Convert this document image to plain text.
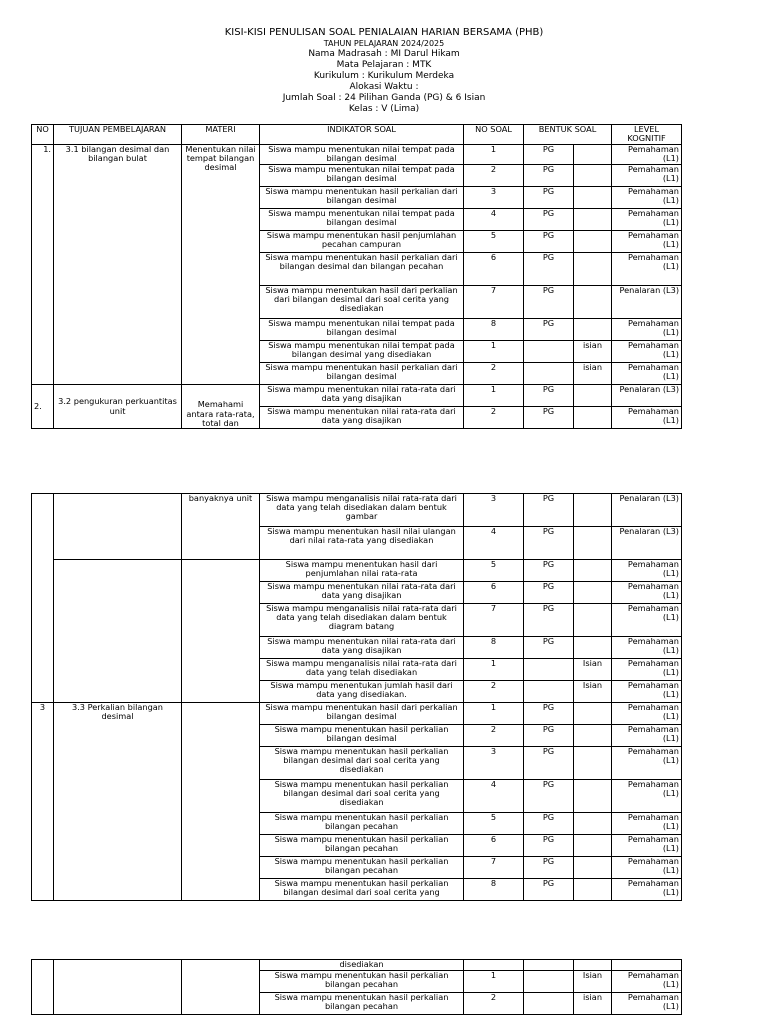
KISI-KISI PENULISAN SOAL PENIALAIAN HARIAN BERSAMA (PHB)
TAHUN PELAJARAN 2024/2025
Nama Madrasah : MI Darul Hikam
Mata Pelajaran : MTK
Kurikulum : Kurikulum Merdeka
Alokasi Waktu :
Jumlah Soal : 24 Pilihan Ganda (PG) & 6 Isian
Kelas : V (Lima)
NO	TUJUAN PEMBELAJARAN	MATERI	INDIKATOR SOAL	NO SOAL	BENTUK SOAL		LEVEL KOGNITIF
1.	3.1 bilangan desimal dan bilangan bulat	Menentukan nilai tempat bilangan desimal	Siswa mampu menentukan nilai tempat pada bilangan desimal	1	PG		Pemahaman (L1)
			Siswa mampu menentukan nilai tempat pada bilangan desimal	2	PG		Pemahaman (L1)
			Siswa mampu menentukan hasil perkalian dari bilangan desimal	3	PG		Pemahaman (L1)
			Siswa mampu menentukan nilai tempat pada bilangan desimal	4	PG		Pemahaman (L1)
			Siswa mampu menentukan hasil penjumlahan pecahan campuran	5	PG		Pemahaman (L1)
			Siswa mampu menentukan hasil perkalian dari bilangan desimal dan bilangan pecahan	6	PG		Pemahaman (L1)
			Siswa mampu menentukan hasil dari perkalian dari bilangan desimal dari soal cerita yang disediakan	7	PG		Penalaran (L3)
			Siswa mampu menentukan nilai tempat pada bilangan desimal	8	PG		Pemahaman (L1)
			Siswa mampu menentukan nilai tempat pada bilangan desimal yang disediakan	1		isian	Pemahaman (L1)
			Siswa mampu menentukan hasil perkalian dari bilangan desimal	2		isian	Pemahaman (L1)
2.	3.2 pengukuran perkuantitas unit	Memahami antara rata-rata, total dan	Siswa mampu menentukan nilai rata-rata dari data yang disajikan	1	PG		Penalaran (L3)
			Siswa mampu menentukan nilai rata-rata dari data yang disajikan	2	PG		Pemahaman (L1)
		banyaknya unit	Siswa mampu menganalisis nilai rata-rata dari data yang telah disediakan dalam bentuk gambar	3	PG		Penalaran (L3)
			Siswa mampu menentukan hasil nilai ulangan dari nilai rata-rata yang disediakan	4	PG		Penalaran (L3)
			Siswa mampu menentukan hasil dari penjumlahan nilai rata-rata	5	PG		Pemahaman (L1)
			Siswa mampu menentukan nilai rata-rata dari data yang disajikan	6	PG		Pemahaman (L1)
			Siswa mampu menganalisis nilai rata-rata dari data yang telah disediakan dalam bentuk diagram batang	7	PG		Pemahaman (L1)
			Siswa mampu menentukan nilai rata-rata dari data yang disajikan	8	PG		Pemahaman (L1)
			Siswa mampu menganalisis nilai rata-rata dari data yang telah disediakan	1		Isian	Pemahaman (L1)
			Siswa mampu menentukan jumlah hasil dari data yang disediakan.	2		Isian	Pemahaman (L1)
3	3.3 Perkalian bilangan desimal		Siswa mampu menentukan hasil dari perkalian bilangan desimal	1	PG		Pemahaman (L1)
			Siswa mampu menentukan hasil perkalian bilangan desimal	2	PG		Pemahaman (L1)
			Siswa mampu menentukan hasil perkalian bilangan desimal dari soal cerita yang disediakan	3	PG		Pemahaman (L1)
			Siswa mampu menentukan hasil perkalian bilangan desimal dari soal cerita yang disediakan	4	PG		Pemahaman (L1)
			Siswa mampu menentukan hasil perkalian bilangan pecahan	5	PG		Pemahaman (L1)
			Siswa mampu menentukan hasil perkalian bilangan pecahan	6	PG		Pemahaman (L1)
			Siswa mampu menentukan hasil perkalian bilangan pecahan	7	PG		Pemahaman (L1)
			Siswa mampu menentukan hasil perkalian bilangan desimal dari soal cerita yang	8	PG		Pemahaman (L1)
			disediakan				
			Siswa mampu menentukan hasil perkalian bilangan pecahan	1		Isian	Pemahaman (L1)
			Siswa mampu menentukan hasil perkalian bilangan pecahan	2		isian	Pemahaman (L1)
